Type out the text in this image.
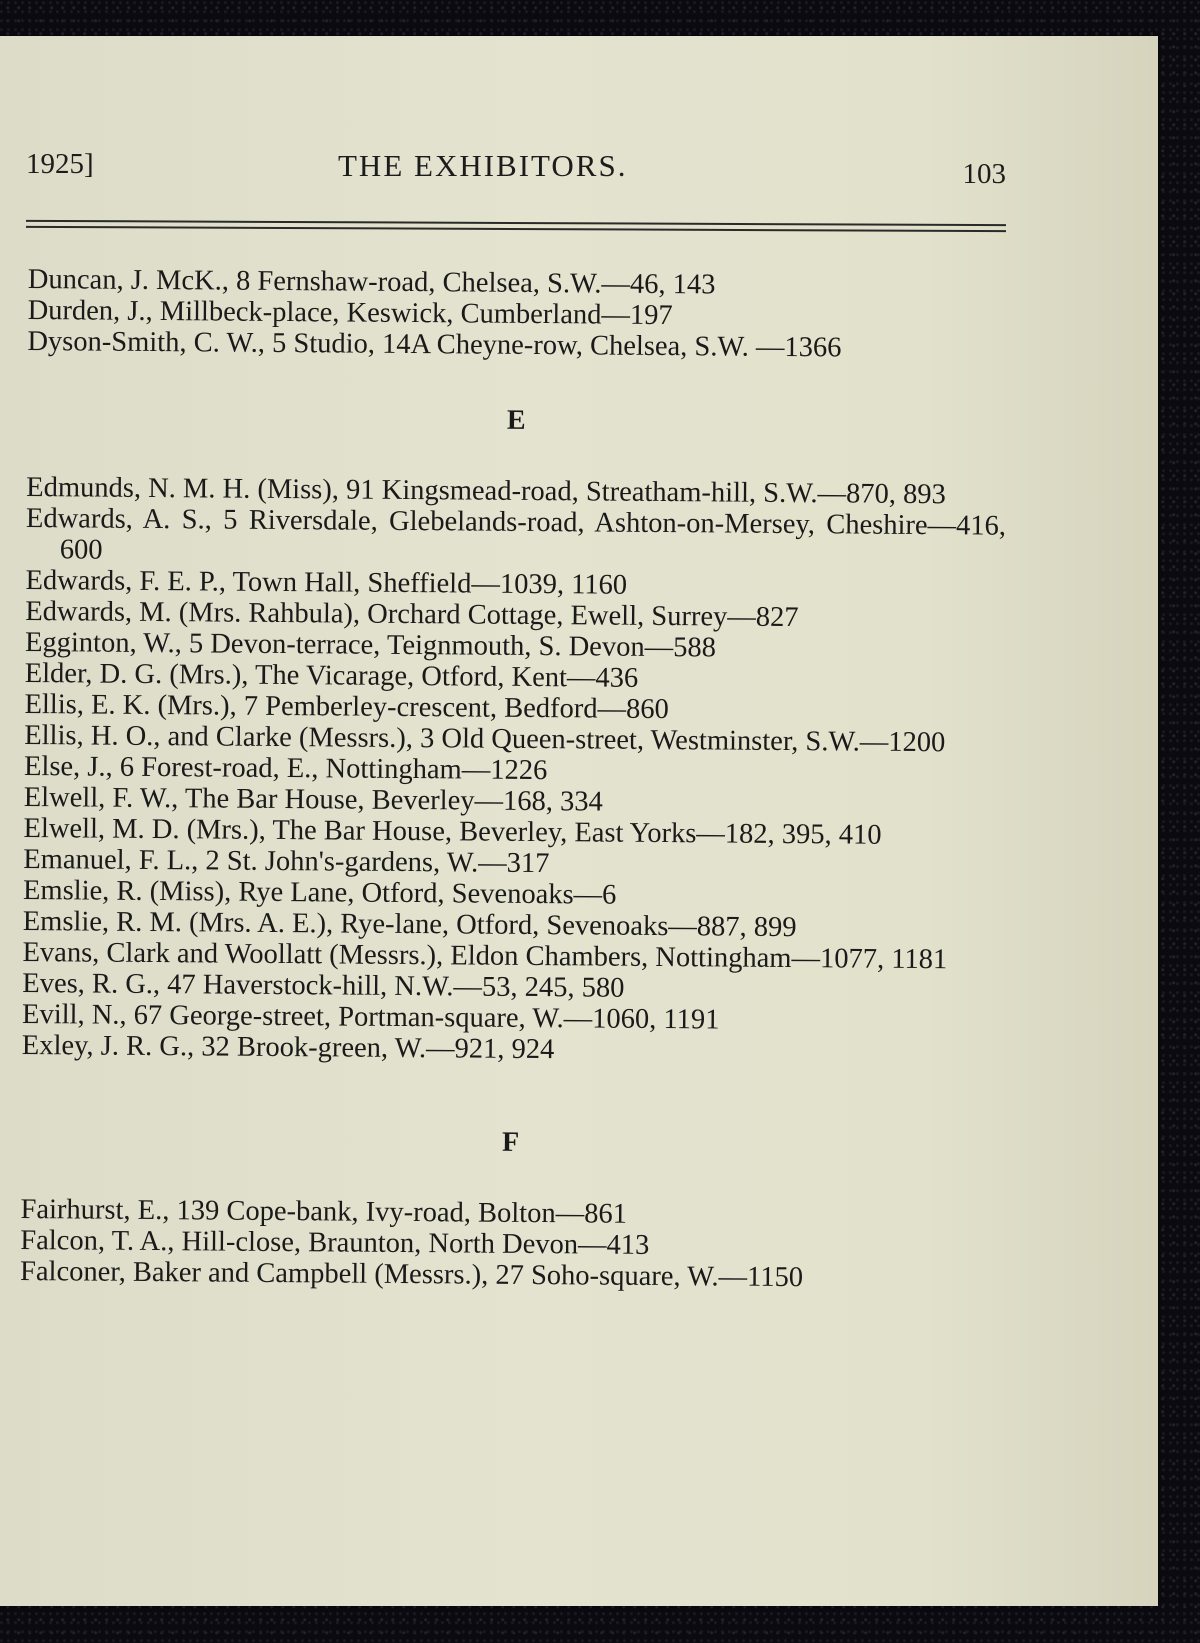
1925]	THE EXHIBITORS.	103

Duncan, J. McK., 8 Fernshaw-road, Chelsea, S.W.—46, 143

Durden, J., Millbeck-place, Keswick, Cumberland—197

Dyson-Smith, C. W., 5 Studio, 14A Cheyne-row, Chelsea, S.W. —1366

E

Edmunds, N. M. H. (Miss), 91 Kingsmead-road, Streatham-hill, S.W.—870, 893

Edwards, A. S., 5 Riversdale, Glebelands-road, Ashton-on-Mersey, Cheshire—416, 600

Edwards, F. E. P., Town Hall, Sheffield—1039, 1160

Edwards, M. (Mrs. Rahbula), Orchard Cottage, Ewell, Surrey—827

Egginton, W., 5 Devon-terrace, Teignmouth, S. Devon—588

Elder, D. G. (Mrs.), The Vicarage, Otford, Kent—436

Ellis, E. K. (Mrs.), 7 Pemberley-crescent, Bedford—860

Ellis, H. O., and Clarke (Messrs.), 3 Old Queen-street, Westminster, S.W.—1200

Else, J., 6 Forest-road, E., Nottingham—1226

Elwell, F. W., The Bar House, Beverley—168, 334

Elwell, M. D. (Mrs.), The Bar House, Beverley, East Yorks—182, 395, 410

Emanuel, F. L., 2 St. John's-gardens, W.—317

Emslie, R. (Miss), Rye Lane, Otford, Sevenoaks—6

Emslie, R. M. (Mrs. A. E.), Rye-lane, Otford, Sevenoaks—887, 899

Evans, Clark and Woollatt (Messrs.), Eldon Chambers, Nottingham—1077, 1181

Eves, R. G., 47 Haverstock-hill, N.W.—53, 245, 580

Evill, N., 67 George-street, Portman-square, W.—1060, 1191

Exley, J. R. G., 32 Brook-green, W.—921, 924

F

Fairhurst, E., 139 Cope-bank, Ivy-road, Bolton—861

Falcon, T. A., Hill-close, Braunton, North Devon—413

Falconer, Baker and Campbell (Messrs.), 27 Soho-square, W.—1150
